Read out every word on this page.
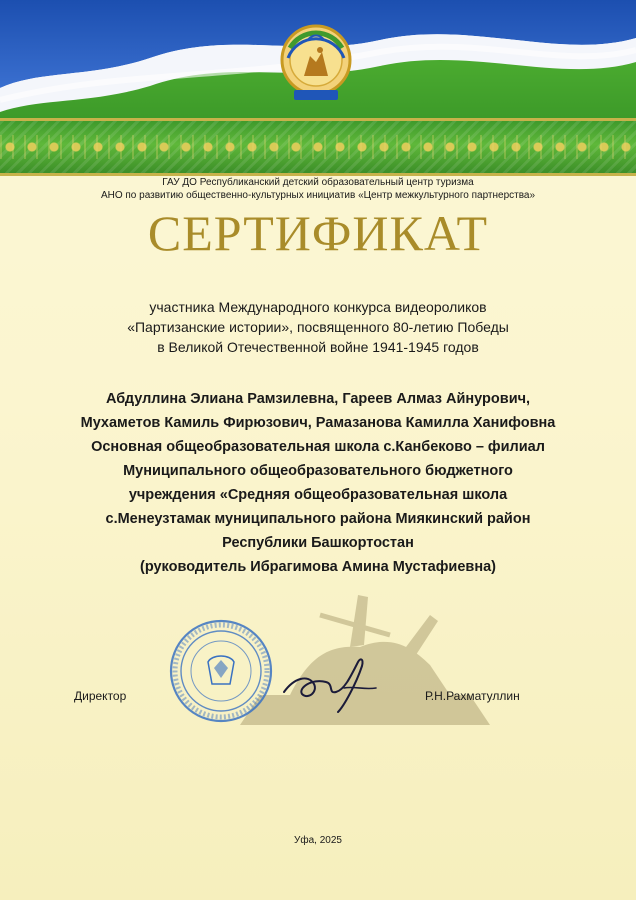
ГАУ ДО Республиканский детский образовательный центр туризма
АНО по развитию общественно-культурных инициатив «Центр межкультурного партнерства»
СЕРТИФИКАТ
участника Международного конкурса видеороликов
«Партизанские истории», посвященного 80-летию Победы
в Великой Отечественной войне 1941-1945 годов
Абдуллина Элиана Рамзилевна, Гареев Алмаз Айнурович,
Мухаметов Камиль Фирюзович, Рамазанова Камилла Ханифовна
Основная общеобразовательная школа с.Канбеково – филиал
Муниципального общеобразовательного бюджетного
учреждения «Средняя общеобразовательная школа
с.Менеузтамак муниципального района Миякинский район
Республики Башкортостан
(руководитель Ибрагимова Амина Мустафиевна)
Директор	Р.Н.Рахматуллин
Уфа, 2025
